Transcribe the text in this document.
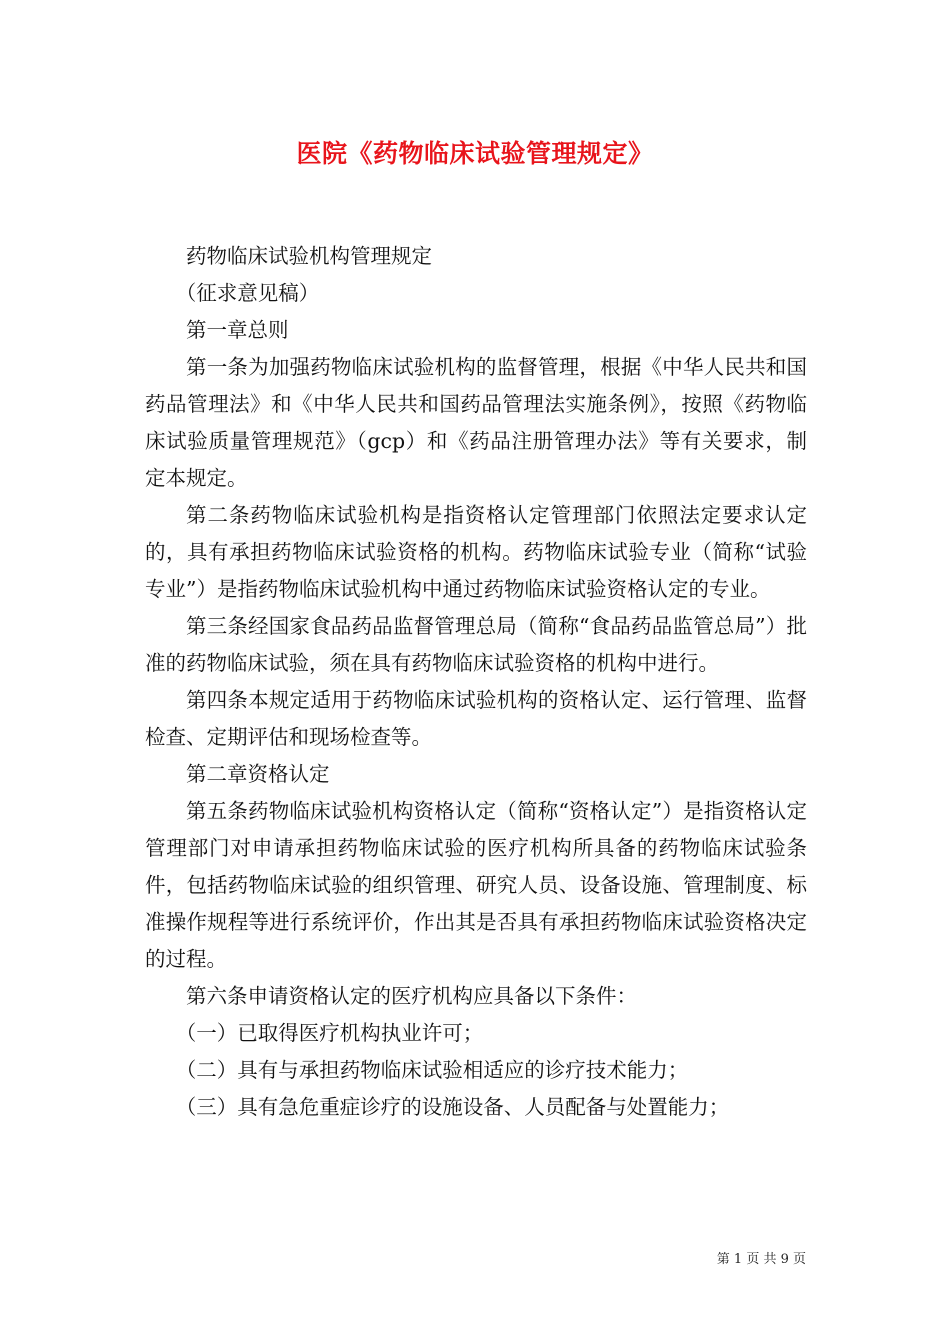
医院《药物临床试验管理规定》

药物临床试验机构管理规定

（征求意见稿）

第一章总则

第一条为加强药物临床试验机构的监督管理，根据《中华人民共和国药品管理法》和《中华人民共和国药品管理法实施条例》，按照《药物临床试验质量管理规范》（gcp）和《药品注册管理办法》等有关要求，制定本规定。

第二条药物临床试验机构是指资格认定管理部门依照法定要求认定的，具有承担药物临床试验资格的机构。药物临床试验专业（简称“试验专业”）是指药物临床试验机构中通过药物临床试验资格认定的专业。

第三条经国家食品药品监督管理总局（简称“食品药品监管总局”）批准的药物临床试验，须在具有药物临床试验资格的机构中进行。

第四条本规定适用于药物临床试验机构的资格认定、运行管理、监督检查、定期评估和现场检查等。

第二章资格认定

第五条药物临床试验机构资格认定（简称“资格认定”）是指资格认定管理部门对申请承担药物临床试验的医疗机构所具备的药物临床试验条件，包括药物临床试验的组织管理、研究人员、设备设施、管理制度、标准操作规程等进行系统评价，作出其是否具有承担药物临床试验资格决定的过程。

第六条申请资格认定的医疗机构应具备以下条件：

（一）已取得医疗机构执业许可；

（二）具有与承担药物临床试验相适应的诊疗技术能力；

（三）具有急危重症诊疗的设施设备、人员配备与处置能力；

第 1 页 共 9 页
